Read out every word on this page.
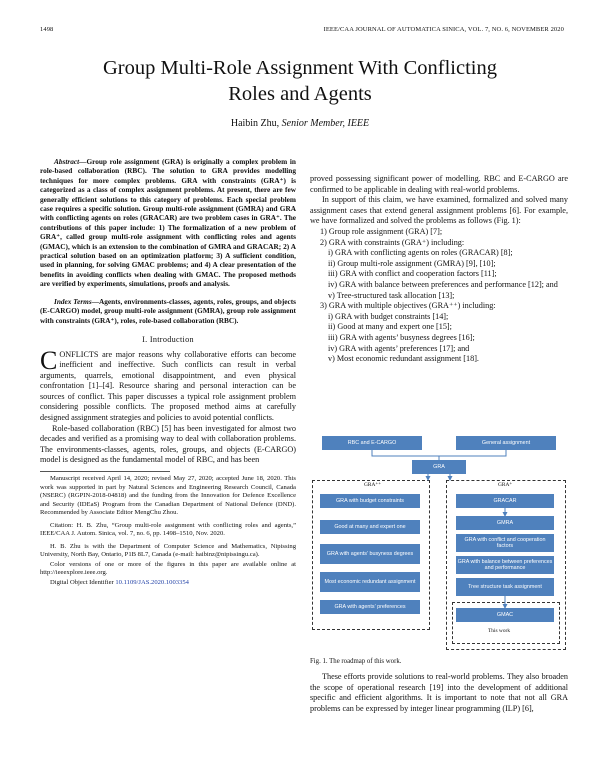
1498	IEEE/CAA JOURNAL OF AUTOMATICA SINICA, VOL. 7, NO. 6, NOVEMBER 2020
Group Multi-Role Assignment With Conflicting
Roles and Agents
Haibin Zhu, Senior Member, IEEE

Abstract—Group role assignment (GRA) is originally a complex problem in role-based collaboration (RBC). The solution to GRA provides modelling techniques for more complex problems. GRA with constraints (GRA⁺) is categorized as a class of complex assignment problems. At present, there are few generally efficient solutions to this category of problems. Each special problem case requires a specific solution. Group multi-role assignment (GMRA) and GRA with conflicting agents on roles (GRACAR) are two problem cases in GRA⁺. The contributions of this paper include: 1) The formalization of a new problem of GRA⁺, called group multi-role assignment with conflicting roles and agents (GMAC), which is an extension to the combination of GMRA and GRACAR; 2) A practical solution based on an optimization platform; 3) A sufficient condition, used in planning, for solving GMAC problems; and 4) A clear presentation of the benefits in avoiding conflicts when dealing with GMAC. The proposed methods are verified by experiments, simulations, proofs and analysis.

Index Terms—Agents, environments-classes, agents, roles, groups, and objects (E-CARGO) model, group multi-role assignment (GMRA), group role assignment with constraints (GRA⁺), roles, role-based collaboration (RBC).

I. Introduction

CONFLICTS are major reasons why collaborative efforts can become inefficient and ineffective. Such conflicts can result in verbal arguments, quarrels, emotional disappointment, and even physical confrontation [1]–[4]. Resource sharing and personal interaction can be sources of conflict. This paper discusses a typical role assignment problem considering possible conflicts. The proposed method aims at carefully designed assignment strategies and policies to avoid potential conflicts.

Role-based collaboration (RBC) [5] has been investigated for almost two decades and verified as a promising way to deal with collaboration problems. The environments-classes, agents, roles, groups, and objects (E-CARGO) model is designed as the fundamental model of RBC, and has been

Manuscript received April 14, 2020; revised May 27, 2020; accepted June 18, 2020. This work was supported in part by Natural Sciences and Engineering Research Council, Canada (NSERC) (RGPIN-2018-04818) and the funding from the Innovation for Defence Excellence and Security (IDEaS) Program from the Canadian Department of National Defence (DND). Recommended by Associate Editor MengChu Zhou.

Citation: H. B. Zhu, “Group multi-role assignment with conflicting roles and agents,” IEEE/CAA J. Autom. Sinica, vol. 7, no. 6, pp. 1498–1510, Nov. 2020.

H. B. Zhu is with the Department of Computer Science and Mathematics, Nipissing University, North Bay, Ontario, P1B 8L7, Canada (e-mail: haibinz@nipissingu.ca).

Color versions of one or more of the figures in this paper are available online at http://ieeexplore.ieee.org.

Digital Object Identifier 10.1109/JAS.2020.1003354

proved possessing significant power of modelling. RBC and E-CARGO are confirmed to be applicable in dealing with real-world problems.

In support of this claim, we have examined, formalized and solved many assignment cases that extend general assignment problems [6]. For example, we have formalized and solved the problems as follows (Fig. 1):

1) Group role assignment (GRA) [7];
2) GRA with constraints (GRA⁺) including:
i) GRA with conflicting agents on roles (GRACAR) [8];
ii) Group multi-role assignment (GMRA) [9], [10];
iii) GRA with conflict and cooperation factors [11];
iv) GRA with balance between preferences and performance [12]; and
v) Tree-structured task allocation [13];
3) GRA with multiple objectives (GRA⁺⁺) including:
i) GRA with budget constraints [14];
ii) Good at many and expert one [15];
iii) GRA with agents’ busyness degrees [16];
iv) GRA with agents’ preferences [17]; and
v) Most economic redundant assignment [18].
RBC and E-CARGO	General assignment
GRA
GRA⁺⁺	GRA⁺
GRA with budget constraints
Good at many and expert one
GRA with agents’ busyness degrees
Most economic redundant assignment
GRA with agents’ preferences
GRACAR
GMRA
GRA with conflict and cooperation factors
GRA with balance between preferences and performance
Tree structure task assignment
GMAC
This work
Fig. 1. The roadmap of this work.
These efforts provide solutions to real-world problems. They also broaden the scope of operational research [19] into the development of additional specific and efficient algorithms. It is important to note that not all GRA problems can be expressed by integer linear programming (ILP) [6],
